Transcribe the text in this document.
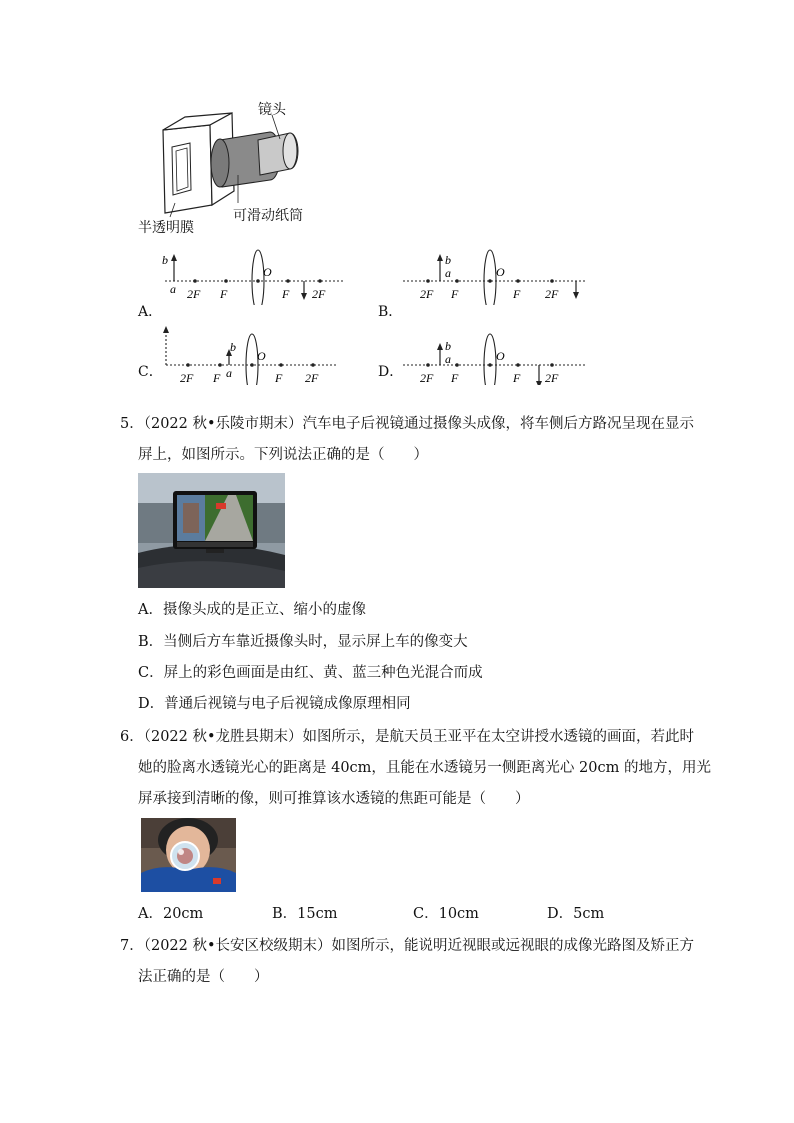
镜头
半透明膜
可滑动纸筒
b
a 2F F
O
F 2F
A．
b
a
2F F
O
F 2F
B．
b
a
2F F
O
F 2F
C．
b
a
2F F
O
F 2F
D．
5．（2022 秋•乐陵市期末）汽车电子后视镜通过摄像头成像，将车侧后方路况呈现在显示
屏上，如图所示。下列说法正确的是（　　）
A．摄像头成的是正立、缩小的虚像
B．当侧后方车靠近摄像头时，显示屏上车的像变大
C．屏上的彩色画面是由红、黄、蓝三种色光混合而成
D．普通后视镜与电子后视镜成像原理相同
6．（2022 秋•龙胜县期末）如图所示，是航天员王亚平在太空讲授水透镜的画面，若此时
她的脸离水透镜光心的距离是 40cm，且能在水透镜另一侧距离光心 20cm 的地方，用光
屏承接到清晰的像，则可推算该水透镜的焦距可能是（　　）
A．20cm	B．15cm	C．10cm	D．5cm
7．（2022 秋•长安区校级期末）如图所示，能说明近视眼或远视眼的成像光路图及矫正方
法正确的是（　　）
